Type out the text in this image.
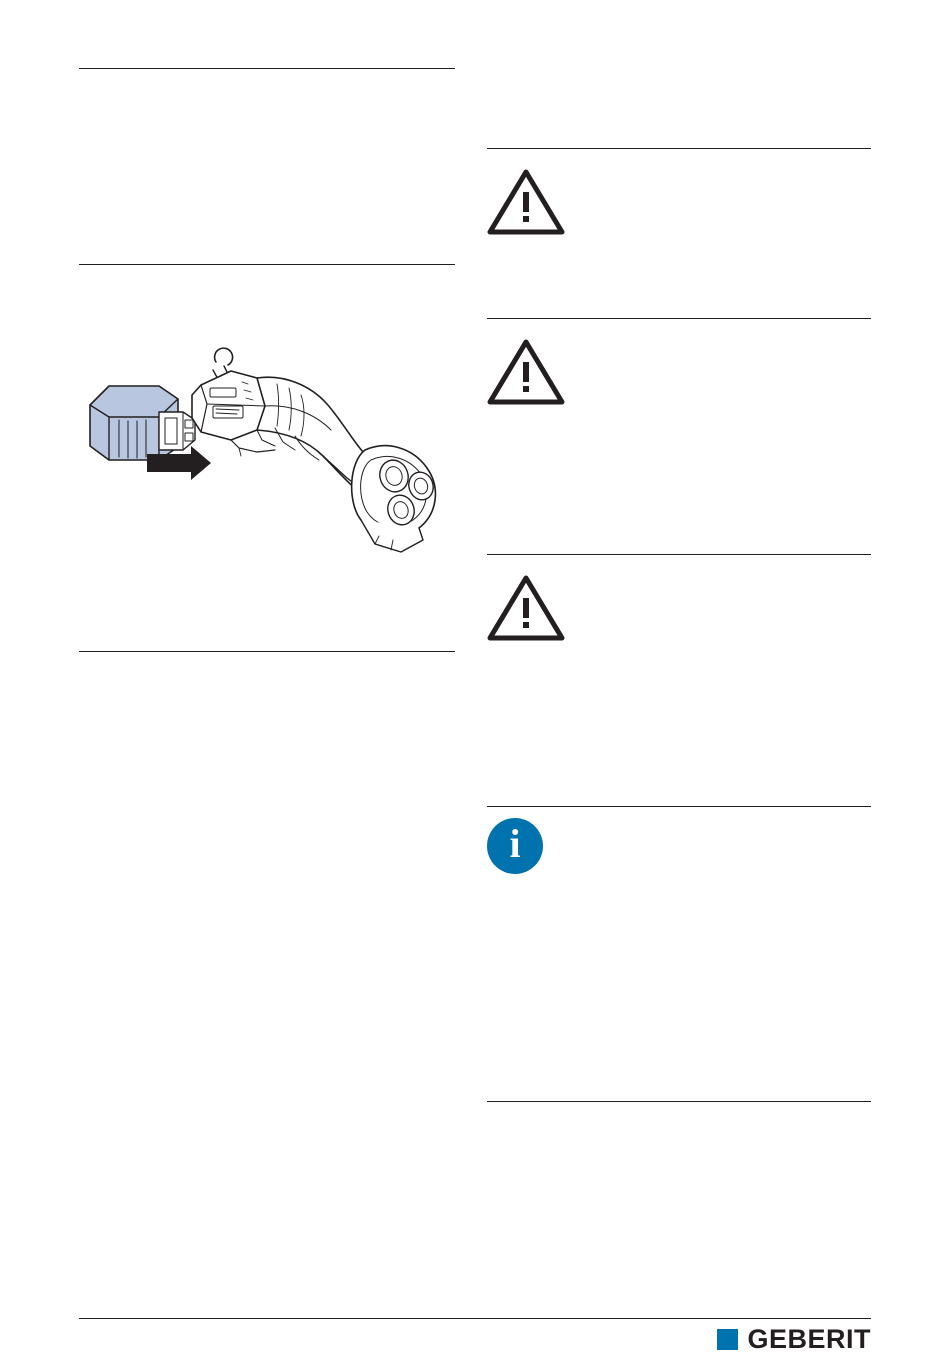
i
GEBERIT
